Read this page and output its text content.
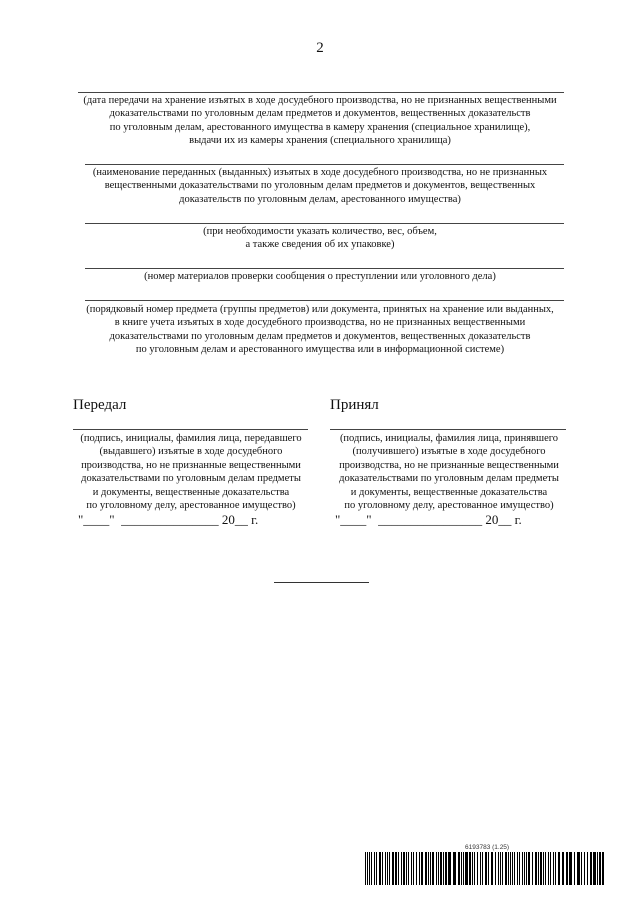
2
(дата передачи на хранение изъятых в ходе досудебного производства, но не признанных вещественными
доказательствами по уголовным делам предметов и документов, вещественных доказательств
по уголовным делам, арестованного имущества в камеру хранения (специальное хранилище),
выдачи их из камеры хранения (специального хранилища)
(наименование переданных (выданных) изъятых в ходе досудебного производства, но не признанных
вещественными доказательствами по уголовным делам предметов и документов, вещественных
доказательств по уголовным делам, арестованного имущества)
(при необходимости указать количество, вес, объем,
а также сведения об их упаковке)
(номер материалов проверки сообщения о преступлении или уголовного дела)
(порядковый номер предмета (группы предметов) или документа, принятых на хранение или выданных,
в книге учета изъятых в ходе досудебного производства, но не признанных вещественными
доказательствами по уголовным делам предметов и документов, вещественных доказательств
по уголовным делам и арестованного имущества или в информационной системе)
Передал
(подпись, инициалы, фамилия лица, передавшего
(выдавшего) изъятые в ходе досудебного
производства, но не признанные вещественными
доказательствами по уголовным делам предметы
и документы, вещественные доказательства
по уголовному делу, арестованное имущество)
"____"  _______________ 20__ г.
Принял
(подпись, инициалы, фамилия лица, принявшего
(получившего) изъятые в ходе досудебного
производства, но не признанные вещественными
доказательствами по уголовным делам предметы
и документы, вещественные доказательства
по уголовному делу, арестованное имущество)
"____"  ________________ 20__ г.
6193783 (1.25)
